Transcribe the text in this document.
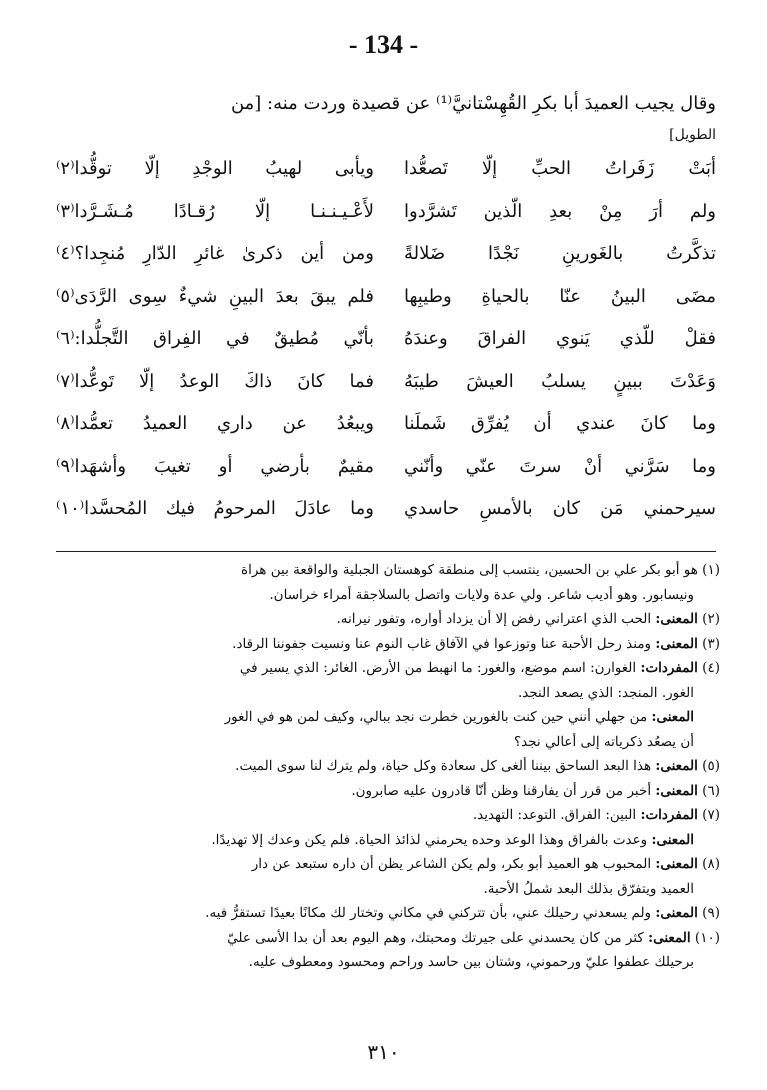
- 134 -
وقال يجيب العميدَ أبا بكرِ القُهِسْتانيَّ⁽¹⁾ عن قصيدة وردت منه: [من
الطويل]
أبَتْ زَفَراتُ الحبِّ إلّا تَصعُّدا
ويأبى لهيبُ الوجْدِ إلّا توقُّدا⁽٢⁾
ولم أرَ مِنْ بعدِ الّذين تَشرَّدوا
لأَعْـيـنـنـا إلّا رُقـادًا مُـشَـرَّدا⁽٣⁾
تذكَّرتُ بالغَورينِ نَجْدًا ضَلالةً
ومن أين ذكرىٰ غائرِ الدّارِ مُنجِدا؟⁽٤⁾
مضَى البينُ عنّا بالحياةِ وطيبِها
فلم يبقَ بعدَ البينِ شيءٌ سِوى الرَّدَى⁽٥⁾
فقلْ للّذي يَنوي الفراقَ وعندَهُ
بأنّي مُطيقٌ في الفِراق التَّجلُّدا:⁽٦⁾
وَعَدْتَ ببينٍ يسلبُ العيشَ طيبَهُ
فما كانَ ذاكَ الوعدُ إلّا تَوعُّدا⁽٧⁾
وما كانَ عندي أن يُفرِّق شَملَنا
ويبعُدُ عن داري العميدُ تعمُّدا⁽٨⁾
وما سَرَّني أنْ سرتَ عنّي وأنّني
مقيمٌ بأرضي أو تغيبَ وأشهَدا⁽٩⁾
سيرحمني مَن كان بالأمسِ حاسدي
وما عادَلَ المرحومُ فيك المُحسَّدا⁽١٠⁾
(١) هو أبو بكر علي بن الحسين، ينتسب إلى منطقة كوهستان الجبلية والواقعة بين هراة
ونيسابور. وهو أديب شاعر. ولي عدة ولايات واتصل بالسلاجقة أمراء خراسان.
(٢) المعنى: الحب الذي اعتراني رفض إلا أن يزداد أواره، وتفور نيرانه.
(٣) المعنى: ومنذ رحل الأحبة عنا وتوزعوا في الآفاق غاب النوم عنا ونسيت جفوننا الرقاد.
(٤) المفردات: الغوارن: اسم موضع، والغور: ما انهبط من الأرض. الغائر: الذي يسير في
الغور. المنجد: الذي يصعد النجد.
المعنى: من جهلي أنني حين كنت بالغورين خطرت نجد ببالي، وكيف لمن هو في الغور
أن يصعُد ذكرياته إلى أعالي نجد؟
(٥) المعنى: هذا البعد الساحق بيننا ألغى كل سعادة وكل حياة، ولم يترك لنا سوى الميت.
(٦) المعنى: أخبر من قرر أن يفارقنا وظن أنّا قادرون عليه صابرون.
(٧) المفردات: البين: الفراق. التوعد: التهديد.
المعنى: وعدت بالفراق وهذا الوعد وحده يحرمني لذائذ الحياة. فلم يكن وعدك إلا تهديدًا.
(٨) المعنى: المحبوب هو العميد أبو بكر، ولم يكن الشاعر يظن أن داره ستبعد عن دار
العميد ويتفرّق بذلك البعد شملُ الأحبة.
(٩) المعنى: ولم يسعدني رحيلك عني، بأن تتركني في مكاني وتختار لك مكانًا بعيدًا تستقرُّ فيه.
(١٠) المعنى: كثر من كان يحسدني على جيرتك ومحبتك، وهم اليوم بعد أن بدا الأسى عليّ
برحيلك عطفوا عليّ ورحموني، وشتان بين حاسد وراحم ومحسود ومعطوف عليه.
٣١٠
